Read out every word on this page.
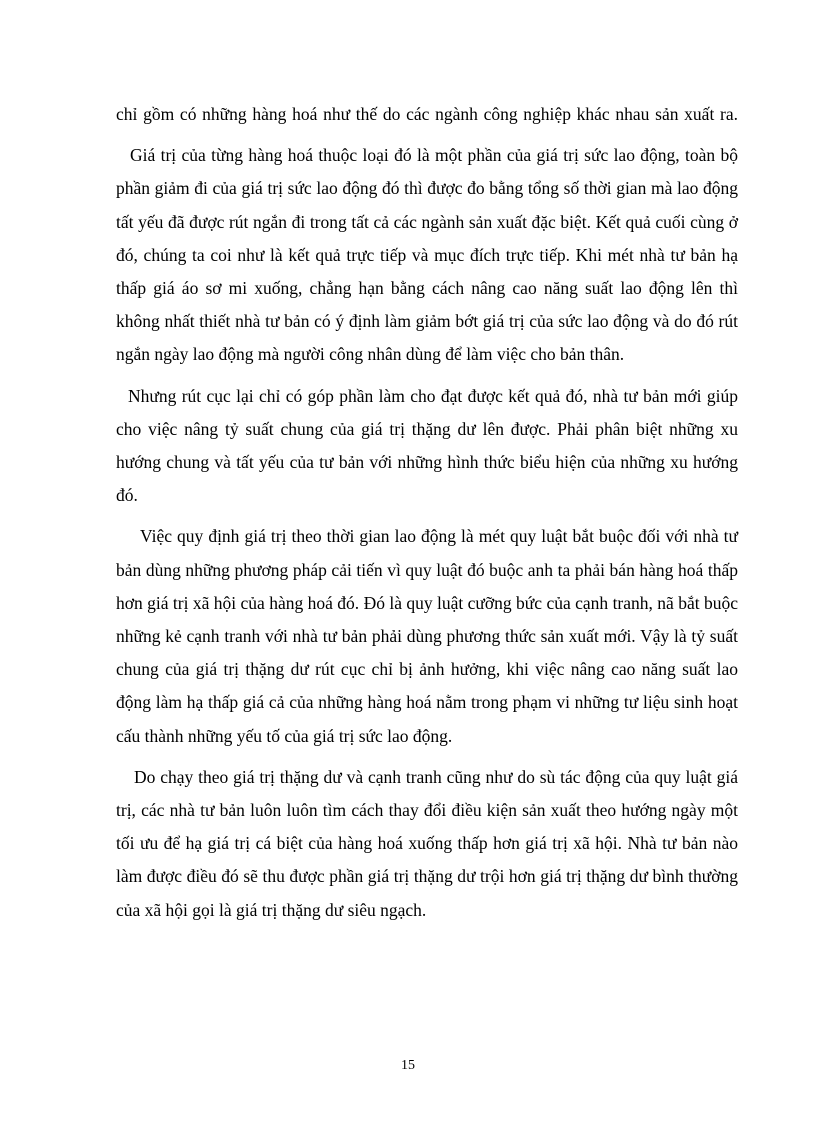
chỉ gồm có những hàng hoá như thế do các ngành công nghiệp khác nhau sản xuất ra.

Giá trị của từng hàng hoá thuộc loại đó là một phần của giá trị sức lao động, toàn bộ phần giảm đi của giá trị sức lao động đó thì được đo bằng tổng số thời gian mà lao động tất yếu đã được rút ngắn đi trong tất cả các ngành sản xuất đặc biệt. Kết quả cuối cùng ở đó, chúng ta coi như là kết quả trực tiếp và mục đích trực tiếp. Khi mét nhà tư bản hạ thấp giá áo sơ mi xuống, chẳng hạn bằng cách nâng cao năng suất lao động lên thì không nhất thiết nhà tư bản có ý định làm giảm bớt giá trị của sức lao động và do đó rút ngắn ngày lao động mà người công nhân dùng để làm việc cho bản thân.

Nhưng rút cục lại chỉ có góp phần làm cho đạt được kết quả đó, nhà tư bản mới giúp cho việc nâng tỷ suất chung của giá trị thặng dư lên được. Phải phân biệt những xu hướng chung và tất yếu của tư bản với những hình thức biểu hiện của những xu hướng đó.

Việc quy định giá trị theo thời gian lao động là mét quy luật bắt buộc đối với nhà tư bản dùng những phương pháp cải tiến vì quy luật đó buộc anh ta phải bán hàng hoá thấp hơn giá trị xã hội của hàng hoá đó. Đó là quy luật cưỡng bức của cạnh tranh, nã bắt buộc những kẻ cạnh tranh với nhà tư bản phải dùng phương thức sản xuất mới. Vậy là tỷ suất chung của giá trị thặng dư rút cục chỉ bị ảnh hưởng, khi việc nâng cao năng suất lao động làm hạ thấp giá cả của những hàng hoá nằm trong phạm vi những tư liệu sinh hoạt cấu thành những yếu tố của giá trị sức lao động.

Do chạy theo giá trị thặng dư và cạnh tranh cũng như do sù tác động của quy luật giá trị, các nhà tư bản luôn luôn tìm cách thay đổi điều kiện sản xuất theo hướng ngày một tối ưu để hạ giá trị cá biệt của hàng hoá xuống thấp hơn giá trị xã hội. Nhà tư bản nào làm được điều đó sẽ thu được phần giá trị thặng dư trội hơn giá trị thặng dư bình thường của xã hội gọi là giá trị thặng dư siêu ngạch.

15
